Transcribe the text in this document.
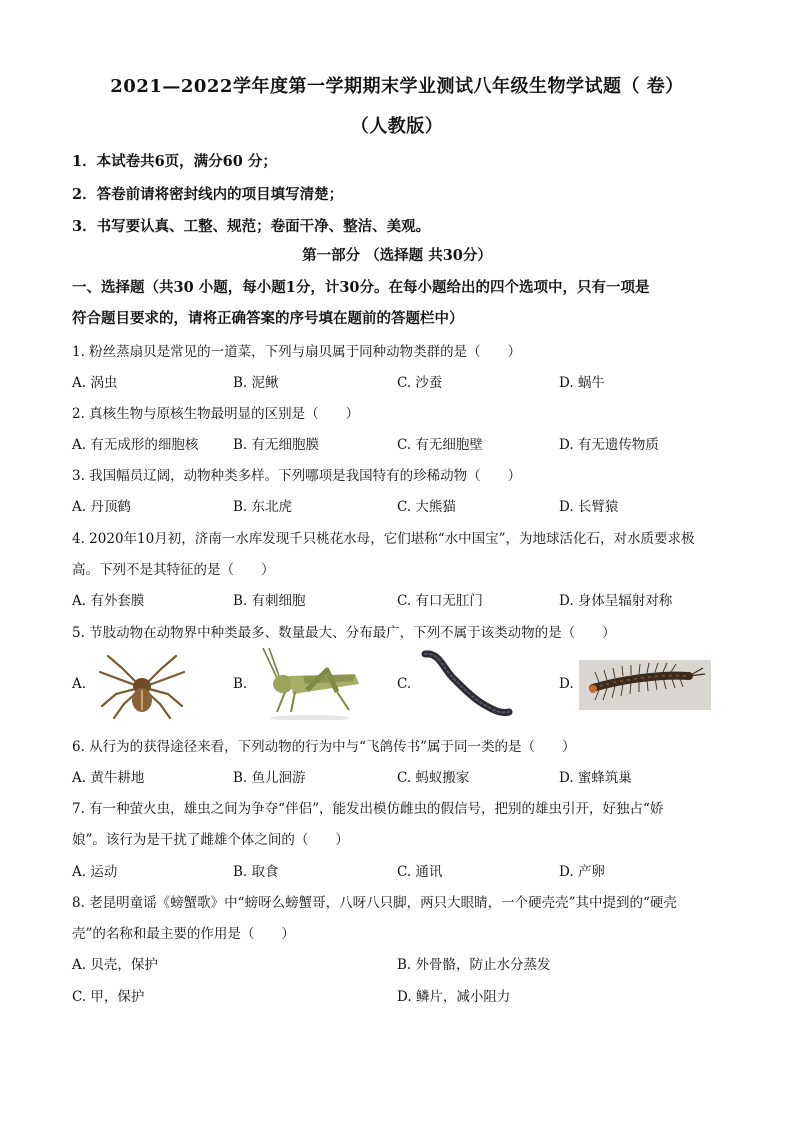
2021—2022学年度第一学期期末学业测试八年级生物学试题（ 卷）
（人教版）
1．本试卷共6页，满分60 分；
2．答卷前请将密封线内的项目填写清楚；
3．书写要认真、工整、规范；卷面干净、整洁、美观。
第一部分 （选择题 共30分）
一、选择题（共30 小题，每小题1分，计30分。在每小题给出的四个选项中，只有一项是
符合题目要求的，请将正确答案的序号填在题前的答题栏中）
1. 粉丝蒸扇贝是常见的一道菜，下列与扇贝属于同种动物类群的是（　　）
A. 涡虫	B. 泥鳅	C. 沙蚕	D. 蜗牛
2. 真核生物与原核生物最明显的区别是（　　）
A. 有无成形的细胞核	B. 有无细胞膜	C. 有无细胞壁	D. 有无遗传物质
3. 我国幅员辽阔，动物种类多样。下列哪项是我国特有的珍稀动物（　　）
A. 丹顶鹤	B. 东北虎	C. 大熊猫	D. 长臂猿
4. 2020年10月初，济南一水库发现千只桃花水母，它们堪称“水中国宝”，为地球活化石，对水质要求极
高。下列不是其特征的是（　　）
A. 有外套膜	B. 有刺细胞	C. 有口无肛门	D. 身体呈辐射对称
5. 节肢动物在动物界中种类最多、数量最大、分布最广，下列不属于该类动物的是（　　）
A.	B.	C.	D.
6. 从行为的获得途径来看，下列动物的行为中与“飞鸽传书”属于同一类的是（　　）
A. 黄牛耕地	B. 鱼儿洄游	C. 蚂蚁搬家	D. 蜜蜂筑巢
7. 有一种萤火虫，雄虫之间为争夺“伴侣”，能发出模仿雌虫的假信号，把别的雄虫引开，好独占“娇
娘”。该行为是干扰了雌雄个体之间的（　　）
A. 运动	B. 取食	C. 通讯	D. 产卵
8. 老昆明童谣《螃蟹歌》中“螃呀么螃蟹哥，八呀八只脚，两只大眼睛，一个硬壳壳”其中提到的“硬壳
壳”的名称和最主要的作用是（　　）
A. 贝壳，保护	B. 外骨骼，防止水分蒸发
C. 甲，保护	D. 鳞片，减小阻力
